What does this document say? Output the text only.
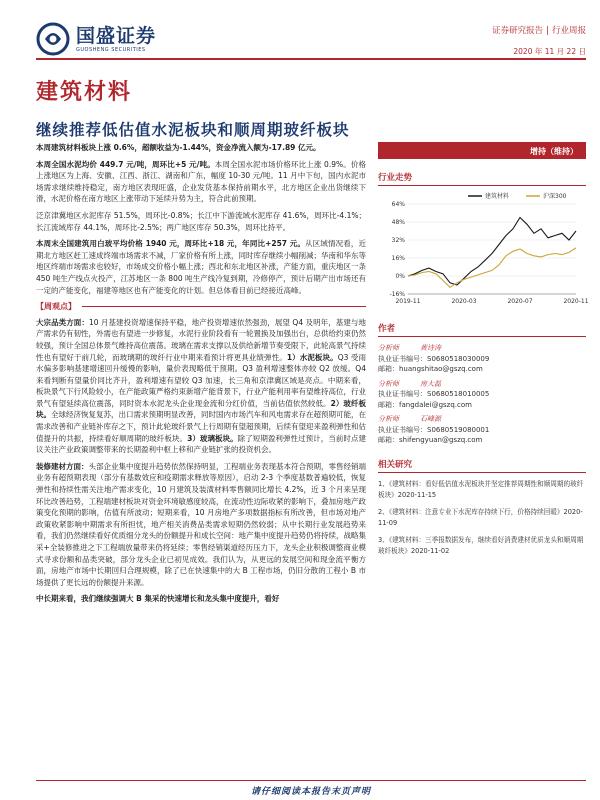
国盛证券
GUOSHENG SECURITIES
证券研究报告 | 行业周报
2020 年 11 月 22 日
建筑材料
继续推荐低估值水泥板块和顺周期玻纤板块

本周建筑材料板块上涨 0.6%，超额收益为-1.44%，资金净流入额为-17.89 亿元。

本周全国水泥均价 449.7 元/吨，周环比+5 元/吨。本周全国水泥市场价格环比上涨 0.9%。价格上涨地区为上海、安徽、江西、浙江、湖南和广东，幅度 10-30 元/吨。11 月中下旬，国内水泥市场需求继续维持稳定，南方地区表现旺盛，企业发货基本保持前期水平，北方地区企业出货继续下滑，水泥价格在南方地区上涨带动下延续升势为主，符合此前预期。

泛京津冀地区水泥库存 51.5%，周环比-0.8%；长江中下游流域水泥库存 41.6%，周环比-4.1%；长江流域库存 44.1%，周环比-2.5%；两广地区库存 50.3%，周环比持平。

本周末全国建筑用白玻平均价格 1940 元，周环比+18 元，年同比+257 元。从区域情况看，近期北方地区赶工速成终端市场需求不减，厂家价格有所上涨，同时库存继续小幅削减；华南和华东等地区终端市场需求也较好，市场成交价格小幅上涨；西北和东北地区补涨，产能方面，重庆地区一条 450 吨生产线点火投产，江苏地区一条 800 吨生产线冷复到期，冷修停产，预计后期产出市场还有一定的产能变化，福建等地区也有产能变化的计划。但总体看目前已经接近高峰。

【周观点】

大宗品类方面：10 月基建投资增速保持平稳，地产投资增速依然强劲，展望 Q4 及明年，基建与地产需求仍有韧性，外需也有望进一步修复，水泥行业阶段看有一轮置换及加强出台，总供给约束仍然较强，预计全国总体景气维持高位震荡。玻璃在需求支撑以及供给新增节奏受限下，此轮高景气持续性也有望好于前几轮，而玻璃期的玻纤行业中期来看预计将更具业绩弹性。1）水泥板块。Q3 受雨水偏多影响基建增速回升缓慢的影响，量价表现略低于预期。Q3 盈利增速整体亦较 Q2 放缓。Q4 来看判断有望量价同比齐升，盈利增速有望较 Q3 加速，长三角和京津冀区域是亮点。中期来看，板块景气下行风险较小，在产能政策严格约束新增产能背景下，行业产能利用率有望维持高位，行业景气有望延续高位震荡，同时资本水泥龙头企业现金流和分红价值，当前估值依然较低。2）玻纤板块。全球经济恢复复苏，出口需求预期明显改善，同时国内市场汽车和风电需求存在超预期可能，在需求改善和产业链补库存之下，预计此轮玻纤景气上行周期有望超预期，后续有望迎来盈利弹性和估值提升的共振，持续看好顺周期的玻纤板块。3）玻璃板块。除了短期盈利弹性过预计，当前时点建议关注产业政策调整带来的长期盈利中枢上移和产业链扩张的投资机会。

装修建材方面：头部企业集中度提升趋势依然保持明显，工程端业务表现基本符合预期，零售经销端业务有超预期表现（部分有基数效应和疫期需求释放等原因），启动 2-3 个季度基数普遍较低，恢复弹性和持续性需关注地产需求变化，10 月建筑及装潢材料零售额同比增长 4.2%，近 3 个月来呈现环比改善趋势，工程端建材板块对资金环境敏感度较高，在流动性边际收紧的影响下，叠加房地产政策变化预期的影响，估值有所波动；短期来看，10 月房地产多项数据指标有所改善，但市场对地产政策收紧影响中期需求有所担忧，地产相关消费品类需求短期仍然较弱；从中长期行业发展趋势来看，我们仍然继续看好优质细分龙头的份额提升和成长空间：地产集中度提升趋势仍将持续，战略集采+全装修推进之下工程端放量带来仍将延续；零售经销渠道经历压力下，龙头企业积极调整商业模式寻求份额和品类突破，部分龙头企业已初见成效。我们认为，从更远的发展空间和现金流平衡方面，房地产市场中长期回归合理规模，除了已在快速集中的大 B 工程市场，仍旧分散的工程小 B 市场提供了更长远的份额提升来源。

中长期来看，我们继续强调大 B 集采的快速增长和龙头集中度提升，看好

请仔细阅读本报告末页声明
增持（维持）
行业走势
-16%
0%
16%
32%
48%
64%
2019-11	2020-03	2020-07	2020-11
建筑材料	沪深300
作者
分析师	黄诗涛
执业证书编号：S0680518030009
邮箱：huangshitao@gszq.com
分析师	房大磊
执业证书编号：S0680518010005
邮箱：fangdalei@gszq.com
分析师	石峰源
执业证书编号：S0680519080001
邮箱：shifengyuan@gszq.com
相关研究
1、《建筑材料：看好低估值水泥板块并坚定推荐周期性和顺周期的玻纤板块》2020-11-15
2、《建筑材料：注意专业下水泥库存持续下行，价格持续回暖》2020-11-09
3、《建筑材料：三季报数据发布，继续看好消费建材优质龙头和顺周期玻纤板块》2020-11-02
